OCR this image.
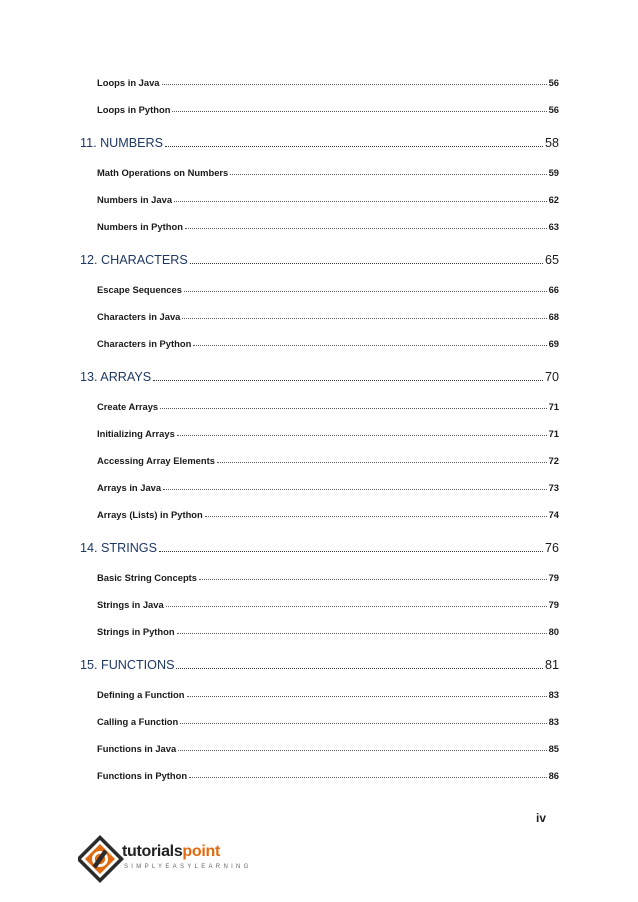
Loops in Java	56
Loops in Python	56
11. NUMBERS	58
Math Operations on Numbers	59
Numbers in Java	62
Numbers in Python	63
12. CHARACTERS	65
Escape Sequences	66
Characters in Java	68
Characters in Python	69
13. ARRAYS	70
Create Arrays	71
Initializing Arrays	71
Accessing Array Elements	72
Arrays in Java	73
Arrays (Lists) in Python	74
14. STRINGS	76
Basic String Concepts	79
Strings in Java	79
Strings in Python	80
15. FUNCTIONS	81
Defining a Function	83
Calling a Function	83
Functions in Java	85
Functions in Python	86
iv
tutorialspoint
SIMPLYEASYLEARNING
